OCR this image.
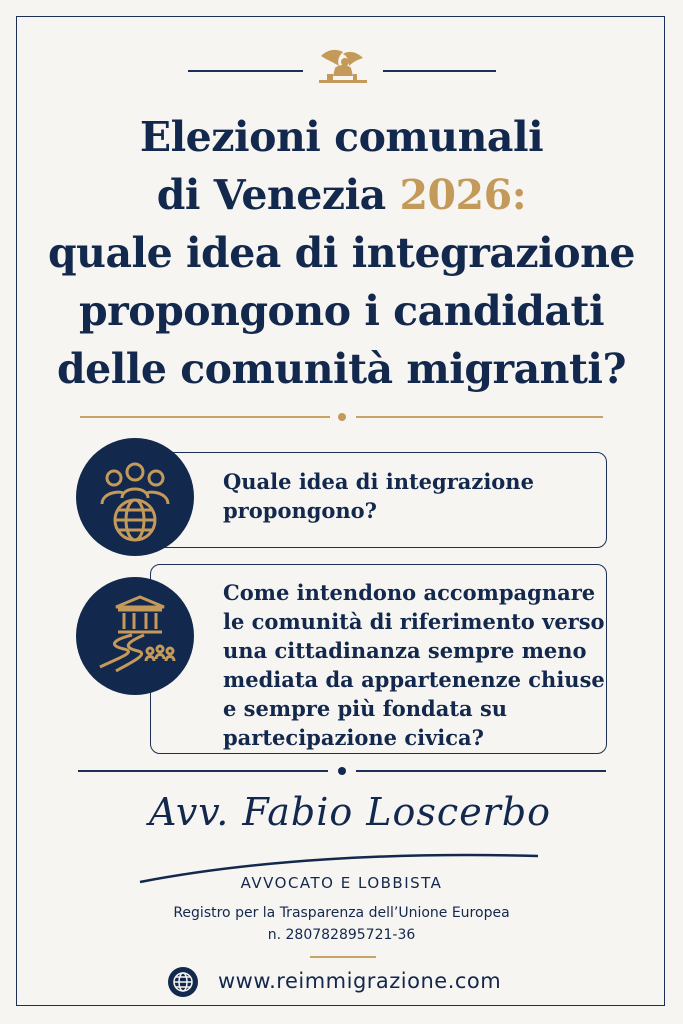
Elezioni comunali
di Venezia 2026:
quale idea di integrazione
propongono i candidati
delle comunità migranti?
Quale idea di integrazione
propongono?
Come intendono accompagnare
le comunità di riferimento verso
una cittadinanza sempre meno
mediata da appartenenze chiuse
e sempre più fondata su
partecipazione civica?
Avv. Fabio Loscerbo
AVVOCATO E LOBBISTA
Registro per la Trasparenza dell’Unione Europea
n. 280782895721-36
www.reimmigrazione.com
